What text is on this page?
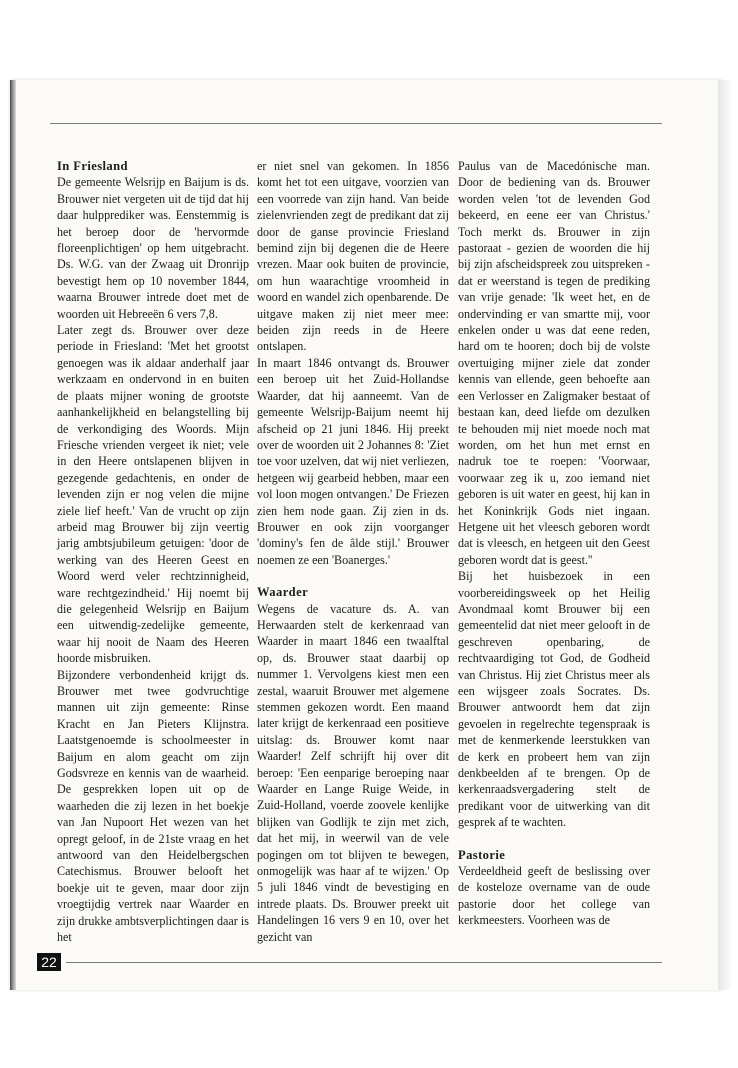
In Friesland

De gemeente Welsrijp en Baijum is ds. Brouwer niet vergeten uit de tijd dat hij daar hulpprediker was. Eenstemmig is het beroep door de 'hervormde floreenplichtigen' op hem uitgebracht. Ds. W.G. van der Zwaag uit Dronrijp bevestigt hem op 10 november 1844, waarna Brouwer intrede doet met de woorden uit Hebreeën 6 vers 7,8.

Later zegt ds. Brouwer over deze periode in Friesland: 'Met het grootst genoegen was ik aldaar anderhalf jaar werkzaam en ondervond in en buiten de plaats mijner woning de grootste aanhankelijkheid en belangstelling bij de verkondiging des Woords. Mijn Friesche vrienden vergeet ik niet; vele in den Heere ontslapenen blijven in gezegende gedachtenis, en onder de levenden zijn er nog velen die mijne ziele lief heeft.' Van de vrucht op zijn arbeid mag Brouwer bij zijn veertig jarig ambtsjubileum getuigen: 'door de werking van des Heeren Geest en Woord werd veler rechtzinnigheid, ware rechtgezindheid.' Hij noemt bij die gelegenheid Welsrijp en Baijum een uitwendig-zedelijke gemeente, waar hij nooit de Naam des Heeren hoorde misbruiken.

Bijzondere verbondenheid krijgt ds. Brouwer met twee godvruchtige mannen uit zijn gemeente: Rinse Kracht en Jan Pieters Klijnstra. Laatstgenoemde is schoolmeester in Baijum en alom geacht om zijn Godsvreze en kennis van de waarheid. De gesprekken lopen uit op de waarheden die zij lezen in het boekje van Jan Nupoort Het wezen van het opregt geloof, in de 21ste vraag en het antwoord van den Heidelbergschen Catechismus. Brouwer belooft het boekje uit te geven, maar door zijn vroegtijdig vertrek naar Waarder en zijn drukke ambtsverplichtingen daar is het

er niet snel van gekomen. In 1856 komt het tot een uitgave, voorzien van een voorrede van zijn hand. Van beide zielenvrienden zegt de predikant dat zij door de ganse provincie Friesland bemind zijn bij degenen die de Heere vrezen. Maar ook buiten de provincie, om hun waarachtige vroomheid in woord en wandel zich openbarende. De uitgave maken zij niet meer mee: beiden zijn reeds in de Heere ontslapen.

In maart 1846 ontvangt ds. Brouwer een beroep uit het Zuid-Hollandse Waarder, dat hij aanneemt. Van de gemeente Welsrijp-Baijum neemt hij afscheid op 21 juni 1846. Hij preekt over de woorden uit 2 Johannes 8: 'Ziet toe voor uzelven, dat wij niet verliezen, hetgeen wij gearbeid hebben, maar een vol loon mogen ontvangen.' De Friezen zien hem node gaan. Zij zien in ds. Brouwer en ook zijn voorganger 'dominy's fen de âlde stijl.' Brouwer noemen ze een 'Boanerges.'

Waarder

Wegens de vacature ds. A. van Herwaarden stelt de kerkenraad van Waarder in maart 1846 een twaalftal op, ds. Brouwer staat daarbij op nummer 1. Vervolgens kiest men een zestal, waaruit Brouwer met algemene stemmen gekozen wordt. Een maand later krijgt de kerkenraad een positieve uitslag: ds. Brouwer komt naar Waarder! Zelf schrijft hij over dit beroep: 'Een eenparige beroeping naar Waarder en Lange Ruige Weide, in Zuid-Holland, voerde zoovele kenlijke blijken van Godlijk te zijn met zich, dat het mij, in weerwil van de vele pogingen om tot blijven te bewegen, onmogelijk was haar af te wijzen.' Op 5 juli 1846 vindt de bevestiging en intrede plaats. Ds. Brouwer preekt uit Handelingen 16 vers 9 en 10, over het gezicht van

Paulus van de Macedónische man. Door de bediening van ds. Brouwer worden velen 'tot de levenden God bekeerd, en eene eer van Christus.' Toch merkt ds. Brouwer in zijn pastoraat - gezien de woorden die hij bij zijn afscheidspreek zou uitspreken - dat er weerstand is tegen de prediking van vrije genade: 'Ik weet het, en de ondervinding er van smartte mij, voor enkelen onder u was dat eene reden, hard om te hooren; doch bij de volste overtuiging mijner ziele dat zonder kennis van ellende, geen behoefte aan een Verlosser en Zaligmaker bestaat of bestaan kan, deed liefde om dezulken te behouden mij niet moede noch mat worden, om het hun met ernst en nadruk toe te roepen: 'Voorwaar, voorwaar zeg ik u, zoo iemand niet geboren is uit water en geest, hij kan in het Koninkrijk Gods niet ingaan. Hetgene uit het vleesch geboren wordt dat is vleesch, en hetgeen uit den Geest geboren wordt dat is geest.''

Bij het huisbezoek in een voorbereidingsweek op het Heilig Avondmaal komt Brouwer bij een gemeentelid dat niet meer gelooft in de geschreven openbaring, de rechtvaardiging tot God, de Godheid van Christus. Hij ziet Christus meer als een wijsgeer zoals Socrates. Ds. Brouwer antwoordt hem dat zijn gevoelen in regelrechte tegenspraak is met de kenmerkende leerstukken van de kerk en probeert hem van zijn denkbeelden af te brengen. Op de kerkenraadsvergadering stelt de predikant voor de uitwerking van dit gesprek af te wachten.

Pastorie

Verdeeldheid geeft de beslissing over de kosteloze overname van de oude pastorie door het college van kerkmeesters. Voorheen was de

22
